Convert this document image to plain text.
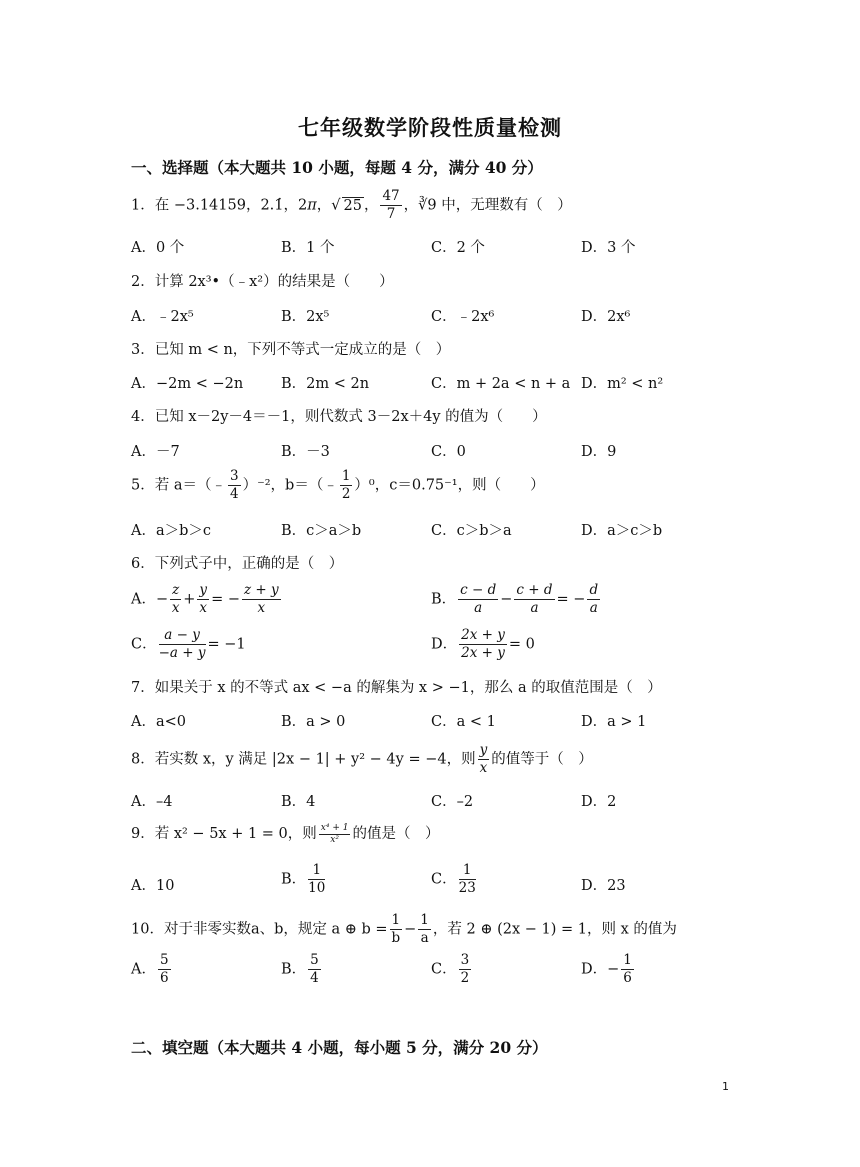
七年级数学阶段性质量检测
一、选择题（本大题共 10 小题，每题 4 分，满分 40 分）
1．在 −3.14159，2.1̇，2π，√ 25 ， $\frac{47}{7}$ ，∛9 中，无理数有（　）
A．0 个	B．1 个	C．2 个	D．3 个
2．计算 2x³•（﹣x²）的结果是（　　）
A．﹣2x⁵	B．2x⁵	C．﹣2x⁶	D．2x⁶
3．已知 m < n，下列不等式一定成立的是（　）
A．−2m < −2n	B．2m < 2n	C．m + 2a < n + a D．m² < n²
4．已知 x－2y－4＝－1，则代数式 3－2x＋4y 的值为（　　）
A．－7	B．－3	C．0	D．9
5．若 a＝（﹣ $\frac{3}{4} )^{-2}$，b＝（﹣ $\frac{1}{2} )^0$，c＝0.75⁻¹，则（　　）
A．a＞b＞c	B．c＞a＞b	C．c＞b＞a	D．a＞c＞b
6．下列式子中，正确的是（　）
A．− $\frac{z}{x} + \frac{y}{x}$ = − $\frac{z + y}{x}$	B． $\frac{c - d}{a} - \frac{c + d}{a}$ = − $\frac{d}{a}$
C． $\frac{a - y}{-a + y} = -1$	D． $\frac{2x + y}{2x + y} = 0$
7．如果关于 x 的不等式 ax < −a 的解集为 x > −1，那么 a 的取值范围是（　）
A．a<0	B．a > 0	C．a < 1	D．a > 1
8．若实数 x，y 满足 |2x − 1| + y² − 4y = −4，则 $\frac{y}{x}$ 的值等于（　）
A．–4	B．4	C．–2	D．2
9．若 x² − 5x + 1 = 0，则 $\frac{\text{x⁴ + 1}}{\text{x²}}$ 的值是（　）
A．10	B． $\frac{1}{10}$	C． $\frac{1}{23}$	D．23
10．对于非零实数a、b，规定 a ⊕ $b = \frac{1}{b} - \frac{1}{a}$ ，若 2 ⊕ (2x − 1) = 1，则 x 的值为
A． $\frac{5}{6}$	B． $\frac{5}{4}$	C． $\frac{3}{2}$	D．− $\frac{1}{6}$
二、填空题（本大题共 4 小题，每小题 5 分，满分 20 分）
1
